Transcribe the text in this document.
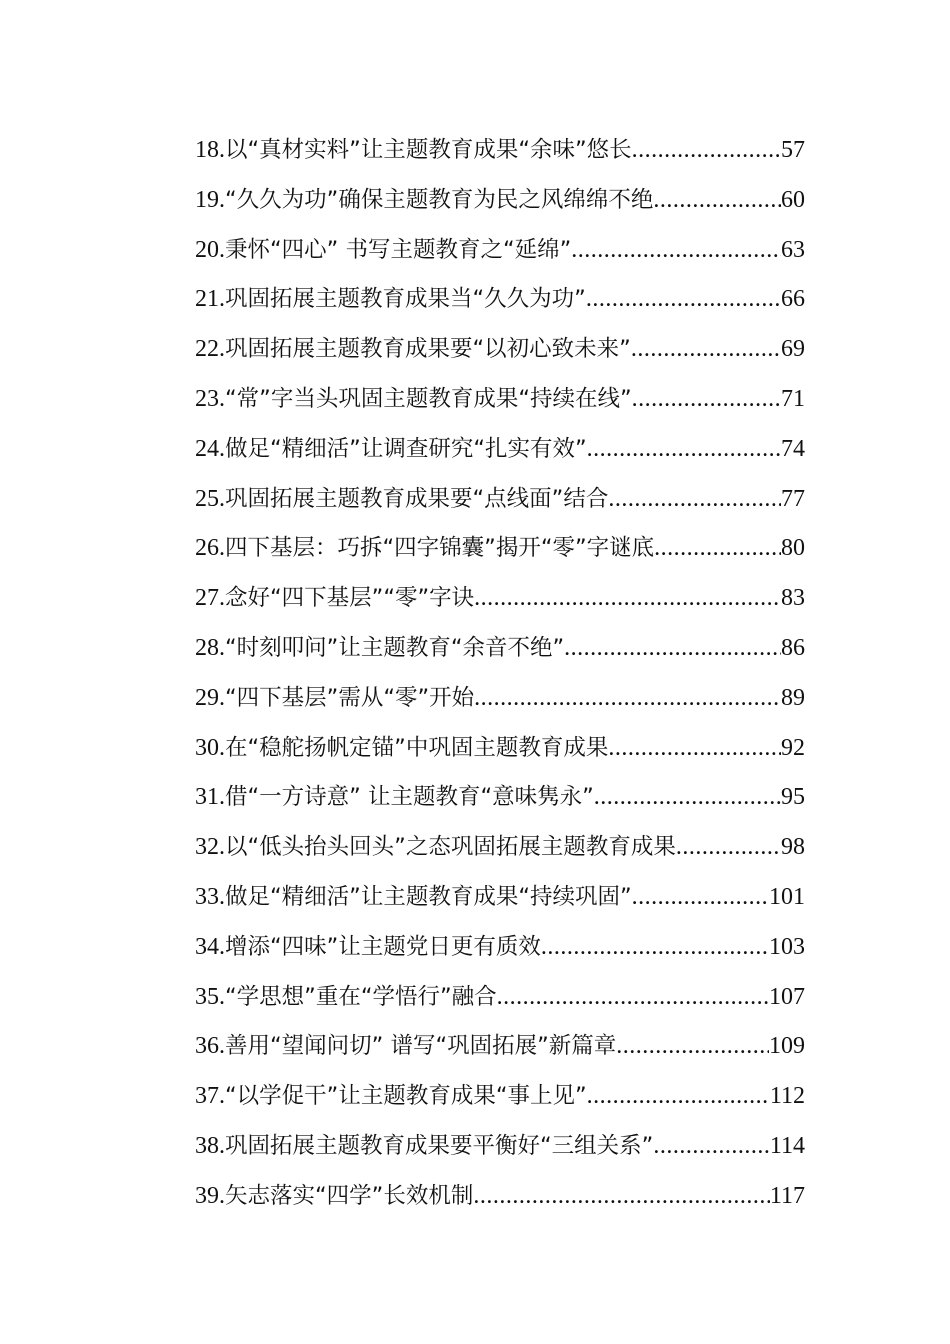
18. 以“真材实料”让主题教育成果“余味”悠长 .....	57
19. “久久为功”确保主题教育为民之风绵绵不绝 .....	60
20. 秉怀“四心” 书写主题教育之“延绵” .....	63
21. 巩固拓展主题教育成果当“久久为功” .....	66
22. 巩固拓展主题教育成果要“以初心致未来” .....	69
23. “常”字当头巩固主题教育成果“持续在线” .....	71
24. 做足“精细活”让调查研究“扎实有效” .....	74
25. 巩固拓展主题教育成果要“点线面”结合 .....	77
26. 四下基层：巧拆“四字锦囊”揭开“零”字谜底 .....	80
27. 念好“四下基层”“零”字诀 .....	83
28. “时刻叩问”让主题教育“余音不绝” .....	86
29. “四下基层”需从“零”开始 .....	89
30. 在“稳舵扬帆定锚”中巩固主题教育成果 .....	92
31. 借“一方诗意” 让主题教育“意味隽永” .....	95
32. 以“低头抬头回头”之态巩固拓展主题教育成果 .....	98
33. 做足“精细活”让主题教育成果“持续巩固” .....	101
34. 增添“四味”让主题党日更有质效 .....	103
35. “学思想”重在“学悟行”融合 .....	107
36. 善用“望闻问切” 谱写“巩固拓展”新篇章 .....	109
37. “以学促干”让主题教育成果“事上见” .....	112
38. 巩固拓展主题教育成果要平衡好“三组关系” .....	114
39. 矢志落实“四学”长效机制 .....	117
